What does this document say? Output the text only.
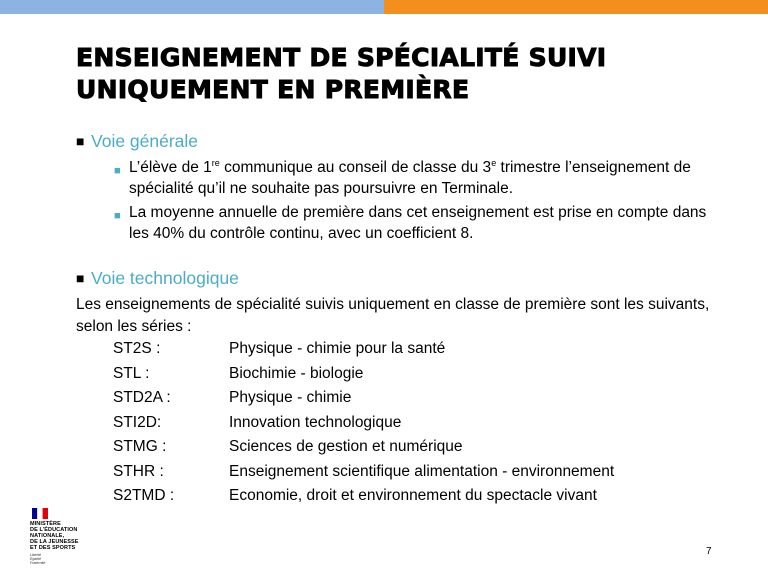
ENSEIGNEMENT DE SPÉCIALITÉ SUIVI
UNIQUEMENT EN PREMIÈRE
■ Voie générale
■ L’élève de 1re communique au conseil de classe du 3e trimestre l’enseignement de spécialité qu’il ne souhaite pas poursuivre en Terminale.
■ La moyenne annuelle de première dans cet enseignement est prise en compte dans les 40% du contrôle continu, avec un coefficient 8.
■ Voie technologique
Les enseignements de spécialité suivis uniquement en classe de première sont les suivants, selon les séries :
ST2S :	Physique - chimie pour la santé
STL :	Biochimie - biologie
STD2A :	Physique - chimie
STI2D:	Innovation technologique
STMG :	Sciences de gestion et numérique
STHR :	Enseignement scientifique alimentation - environnement
S2TMD :	Economie, droit et environnement du spectacle vivant
MINISTÈRE
DE L’ÉDUCATION
NATIONALE,
DE LA JEUNESSE
ET DES SPORTS
Liberté
Égalité
Fraternité
7
